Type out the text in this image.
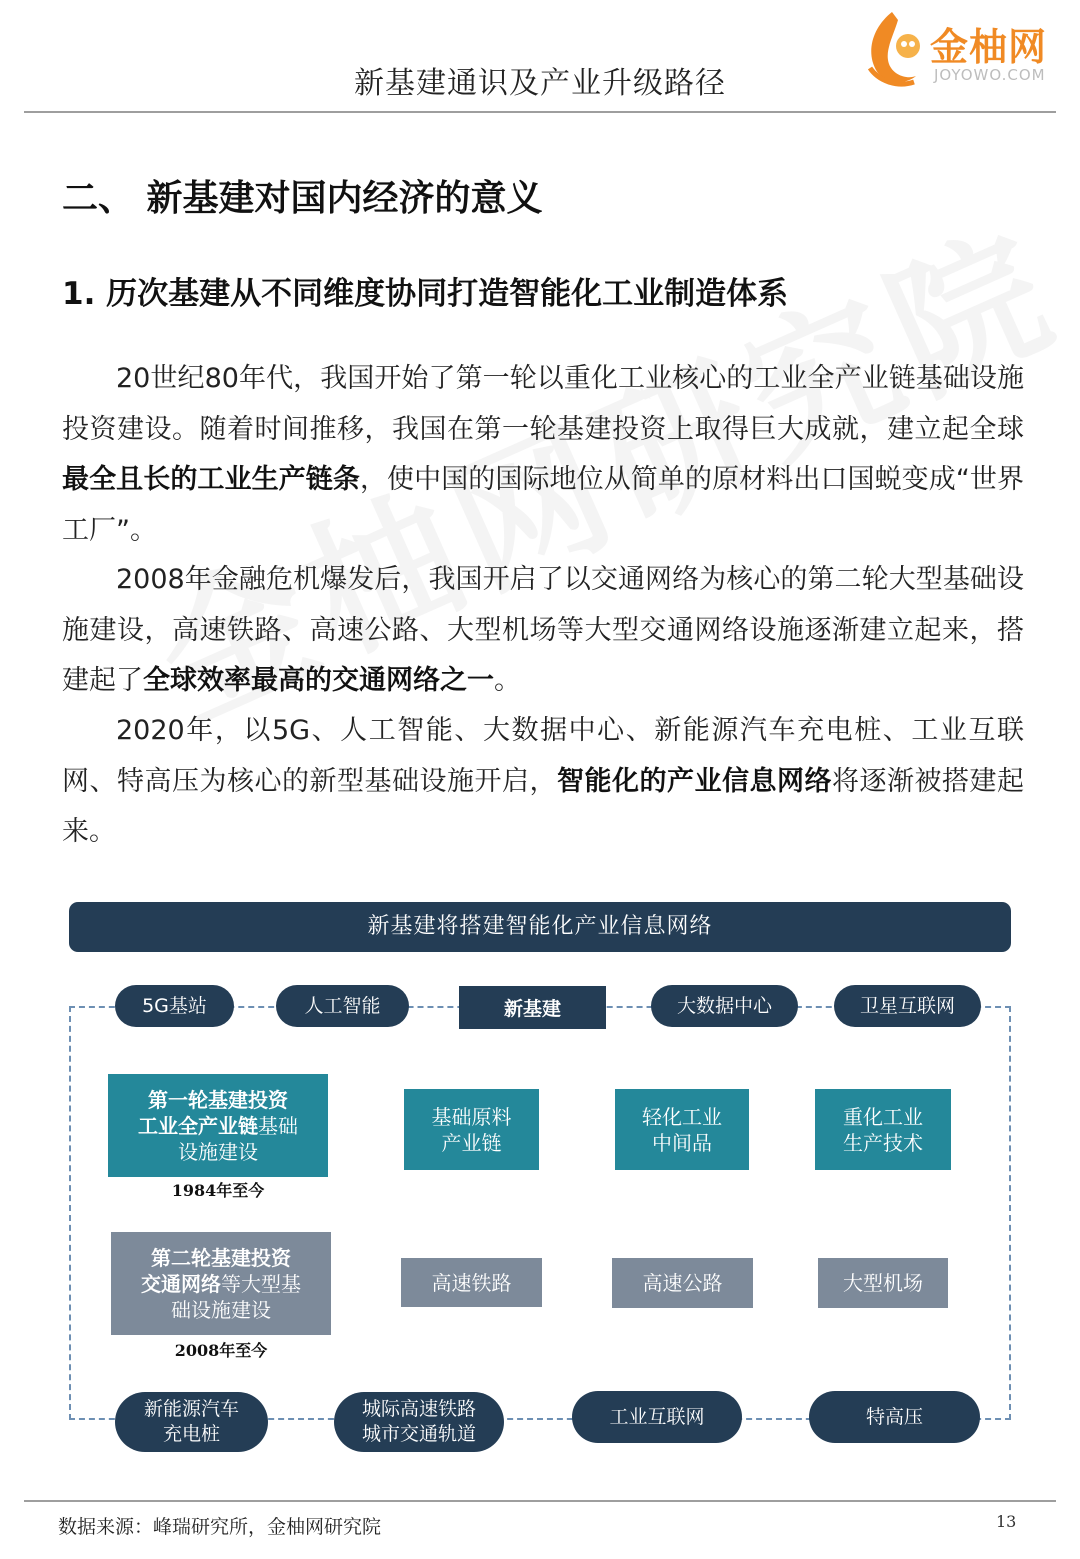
金柚网
JOYOWO.COM
新基建通识及产业升级路径
二、 新基建对国内经济的意义
1. 历次基建从不同维度协同打造智能化工业制造体系

20世纪80年代，我国开始了第一轮以重化工业核心的工业全产业链基础设施投资建设。随着时间推移，我国在第一轮基建投资上取得巨大成就，建立起全球最全且长的工业生产链条，使中国的国际地位从简单的原材料出口国蜕变成“世界工厂”。

2008年金融危机爆发后，我国开启了以交通网络为核心的第二轮大型基础设施建设，高速铁路、高速公路、大型机场等大型交通网络设施逐渐建立起来，搭建起了全球效率最高的交通网络之一。

2020年，以5G、人工智能、大数据中心、新能源汽车充电桩、工业互联网、特高压为核心的新型基础设施开启，智能化的产业信息网络将逐渐被搭建起来。

新基建将搭建智能化产业信息网络
5G基站	人工智能	新基建	大数据中心	卫星互联网
第一轮基建投资
工业全产业链基础
设施建设
1984年至今
基础原料
产业链
轻化工业
中间品
重化工业
生产技术
第二轮基建投资
交通网络等大型基
础设施建设
2008年至今
高速铁路	高速公路	大型机场
新能源汽车
充电桩
城际高速铁路
城市交通轨道
工业互联网	特高压
数据来源：峰瑞研究所，金柚网研究院	13
